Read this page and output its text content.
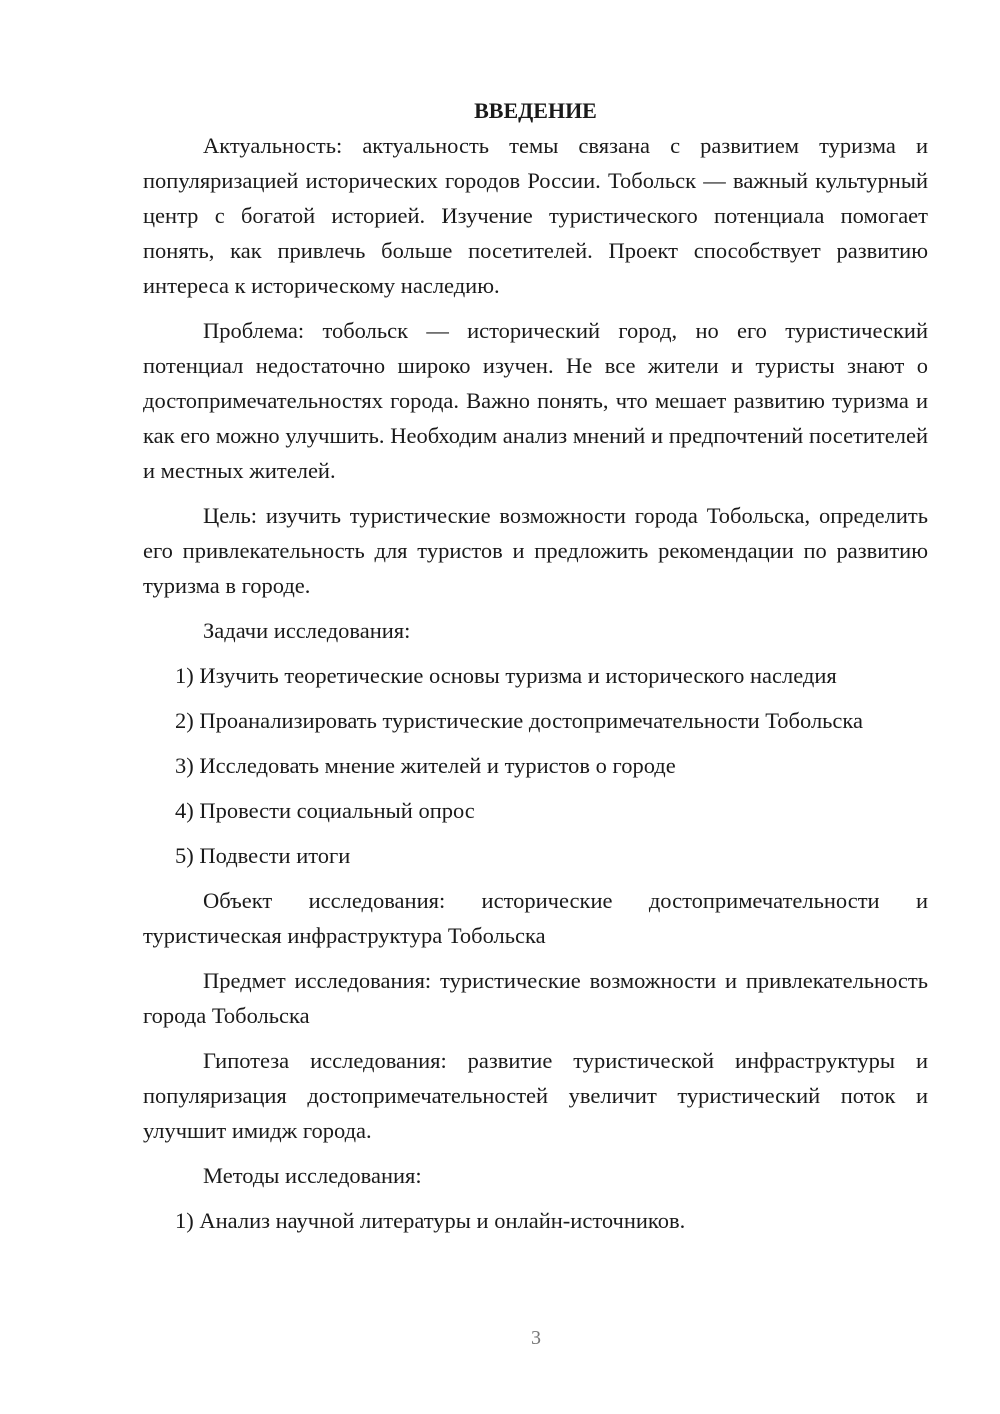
ВВЕДЕНИЕ
Актуальность: актуальность темы связана с развитием туризма и популяризацией исторических городов России. Тобольск — важный культурный центр с богатой историей. Изучение туристического потенциала помогает понять, как привлечь больше посетителей. Проект способствует развитию интереса к историческому наследию.
Проблема: тобольск — исторический город, но его туристический потенциал недостаточно широко изучен. Не все жители и туристы знают о достопримечательностях города. Важно понять, что мешает развитию туризма и как его можно улучшить. Необходим анализ мнений и предпочтений посетителей и местных жителей.
Цель: изучить туристические возможности города Тобольска, определить его привлекательность для туристов и предложить рекомендации по развитию туризма в городе.
Задачи исследования:
1) Изучить теоретические основы туризма и исторического наследия
2) Проанализировать туристические достопримечательности Тобольска
3) Исследовать мнение жителей и туристов о городе
4) Провести социальный опрос
5) Подвести итоги
Объект исследования: исторические достопримечательности и туристическая инфраструктура Тобольска
Предмет исследования: туристические возможности и привлекательность города Тобольска
Гипотеза исследования: развитие туристической инфраструктуры и популяризация достопримечательностей увеличит туристический поток и улучшит имидж города.
Методы исследования:
1) Анализ научной литературы и онлайн-источников.
3
